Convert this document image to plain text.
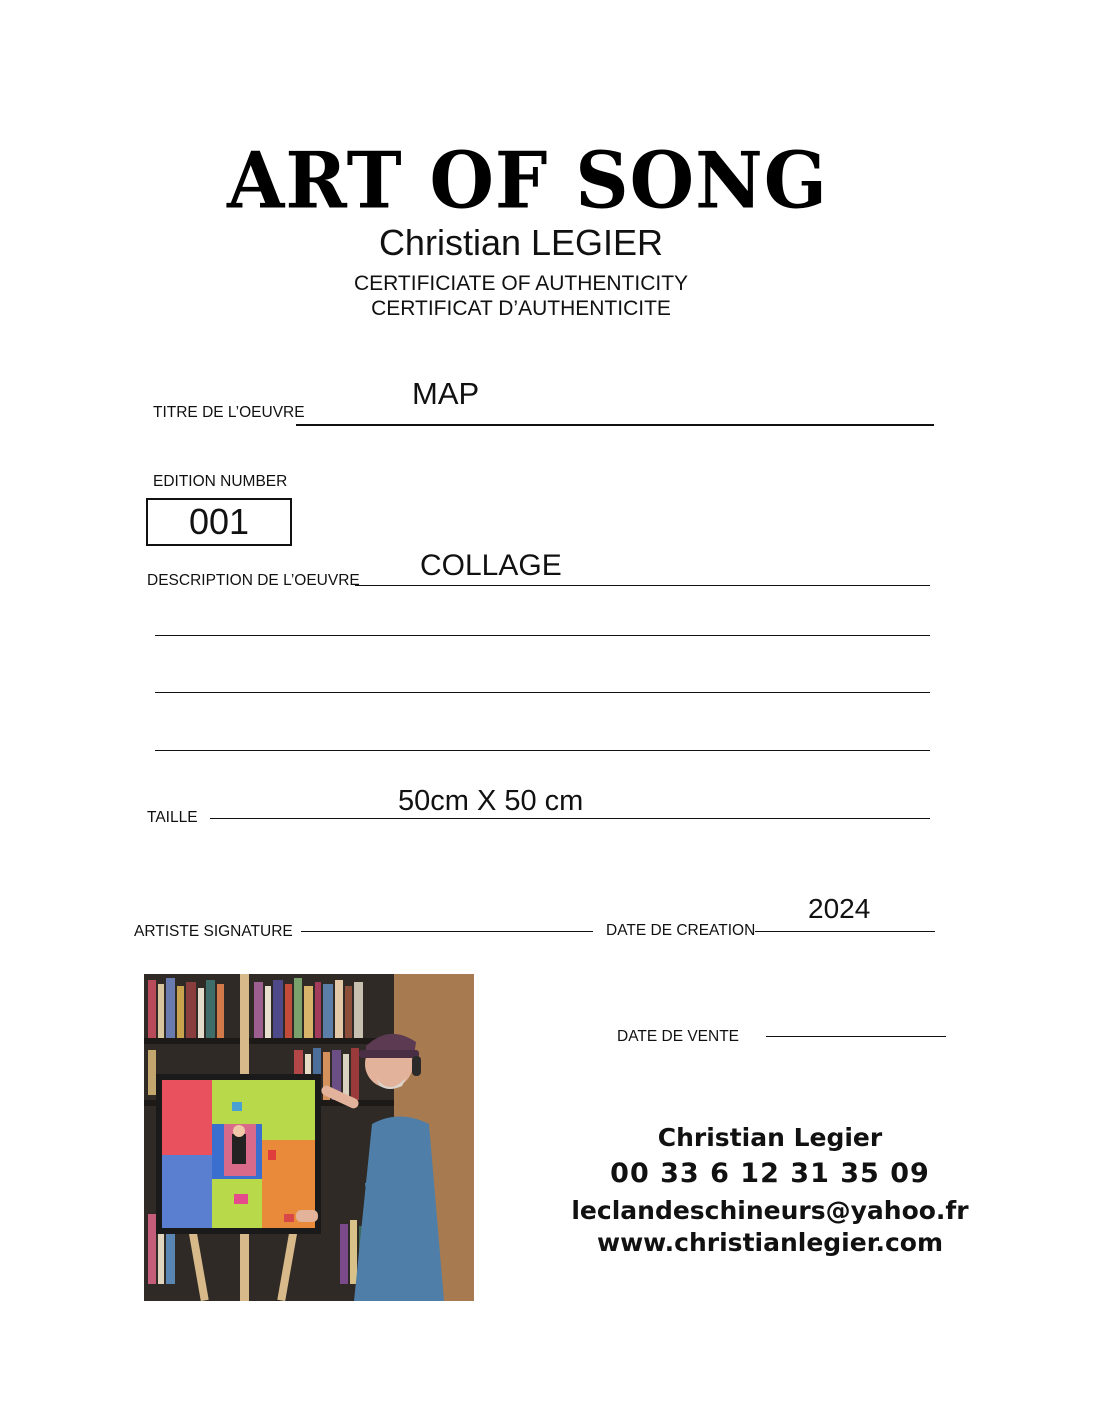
ART OF SONG
Christian LEGIER
CERTIFICIATE OF AUTHENTICITY
CERTIFICAT D’AUTHENTICITE
TITRE DE L’OEUVRE
MAP
EDITION NUMBER
001
DESCRIPTION DE L’OEUVRE COLLAGE
TAILLE
50cm X 50 cm
ARTISTE SIGNATURE	DATE DE CREATION
2024
DATE DE VENTE
Christian Legier
00 33 6 12 31 35 09
leclandeschineurs@yahoo.fr
www.christianlegier.com
